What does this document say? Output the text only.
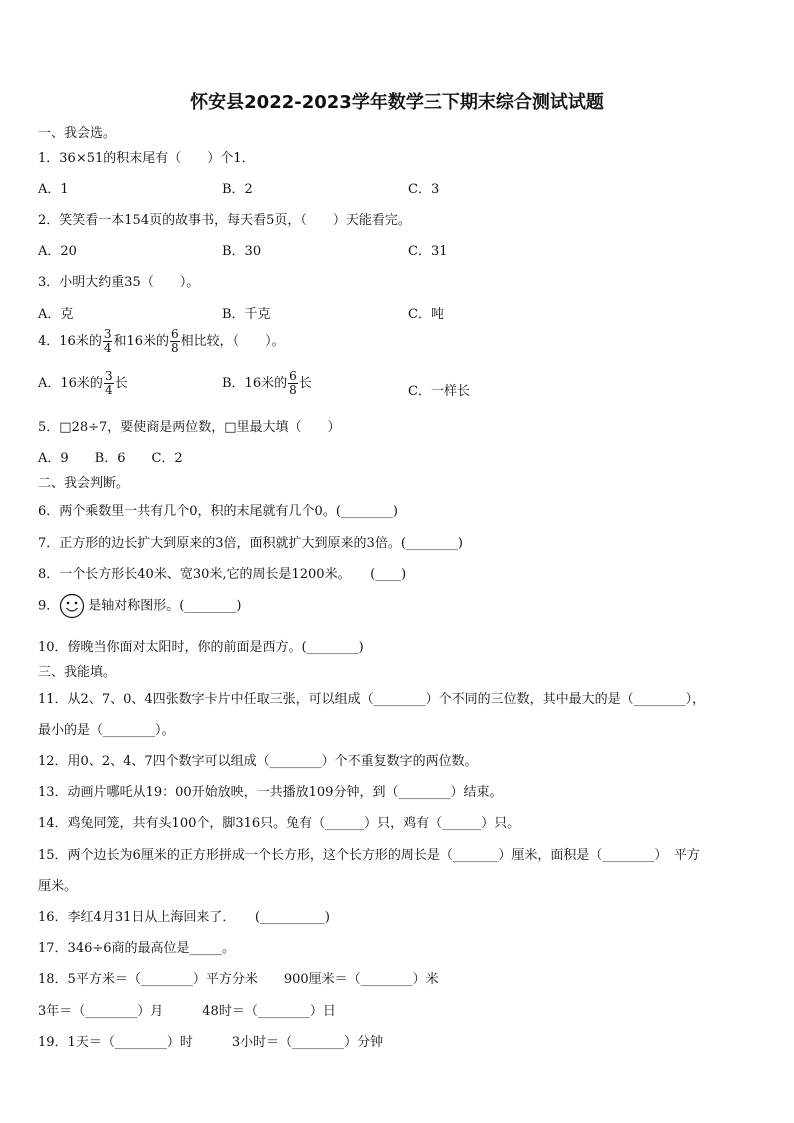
怀安县2022-2023学年数学三下期末综合测试试题
一、我会选。
1．36×51的积末尾有（　　）个1．
A．1	B．2	C．3
2．笑笑看一本154页的故事书，每天看5页，（　　）天能看完。
A．20	B．30	C．31
3．小明大约重35（　　）。
A．克	B．千克	C．吨
4．16米的 $\frac{3}{4}$ 和16米的 $\frac{6}{8}$ 相比较，（　　）。
A．16米的 $\frac{3}{4}$ 长	B．16米的 $\frac{6}{8}$ 长
C．一样长
5．□28÷7，要使商是两位数，□里最大填（　　）
A．9　　B．6　　C．2
二、我会判断。
6．两个乘数里一共有几个0，积的末尾就有几个0。(________)
7．正方形的边长扩大到原来的3倍，面积就扩大到原来的3倍。(________)
8．一个长方形长40米、宽30米,它的周长是1200米。　　(____)
9． 是轴对称图形。(________)
10．傍晚当你面对太阳时，你的前面是西方。(________)
三、我能填。
11．从2、7、0、4四张数字卡片中任取三张，可以组成（________）个不同的三位数，其中最大的是（________），
最小的是（________）。
12．用0、2、4、7四个数字可以组成（________）个不重复数字的两位数。
13．动画片哪吒从19：00开始放映，一共播放109分钟，到（________）结束。
14．鸡兔同笼，共有头100个，脚316只。兔有（______）只，鸡有（______）只。
15．两个边长为6厘米的正方形拼成一个长方形，这个长方形的周长是（_______）厘米，面积是（________）　平方
厘米。
16．李红4月31日从上海回来了．　　(__________)
17．346÷6商的最高位是_____。
18．5平方米＝（________）平方分米　　900厘米＝（________）米
3年＝（________）月　　　48时＝（________）日
19．1天＝（________）时　　　3小时＝（________）分钟
